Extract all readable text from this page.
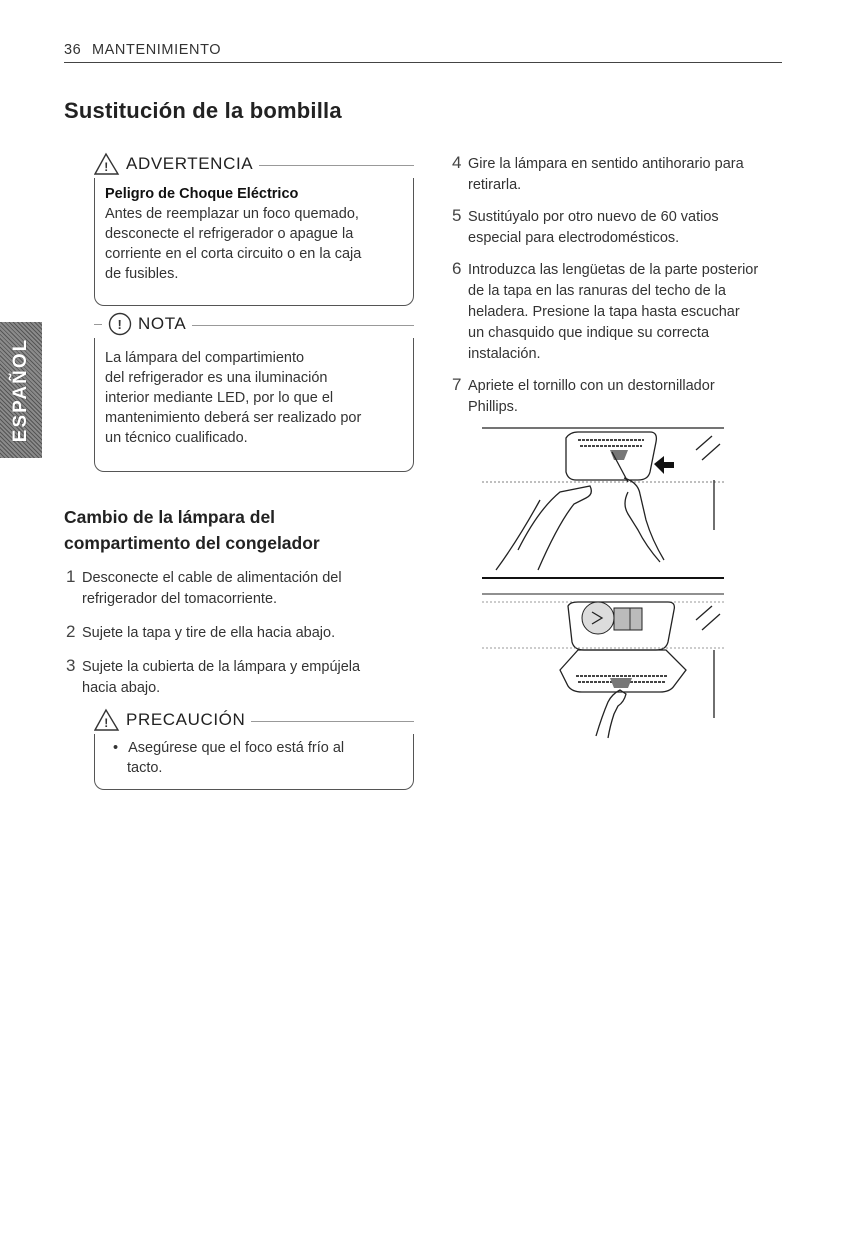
36 MANTENIMIENTO
Sustitución de la bombilla
ESPAÑOL
! ADVERTENCIA
Peligro de Choque Eléctrico
Antes de reemplazar un foco quemado,
desconecte el refrigerador o apague la
corriente en el corta circuito o en la caja
de fusibles.
! NOTA
La lámpara del compartimiento
del refrigerador es una iluminación
interior mediante LED, por lo que el
mantenimiento deberá ser realizado por
un técnico cualificado.
Cambio de la lámpara del
compartimento del congelador
1 Desconecte el cable de alimentación del
refrigerador del tomacorriente.
2 Sujete la tapa y tire de ella hacia abajo.
3 Sujete la cubierta de la lámpara y empújela
hacia abajo.
! PRECAUCIÓN
• Asegúrese que el foco está frío al
tacto.
4 Gire la lámpara en sentido antihorario para
retirarla.
5 Sustitúyalo por otro nuevo de 60 vatios
especial para electrodomésticos.
6 Introduzca las lengüetas de la parte posterior
de la tapa en las ranuras del techo de la
heladera. Presione la tapa hasta escuchar
un chasquido que indique su correcta
instalación.
7 Apriete el tornillo con un destornillador
Phillips.
